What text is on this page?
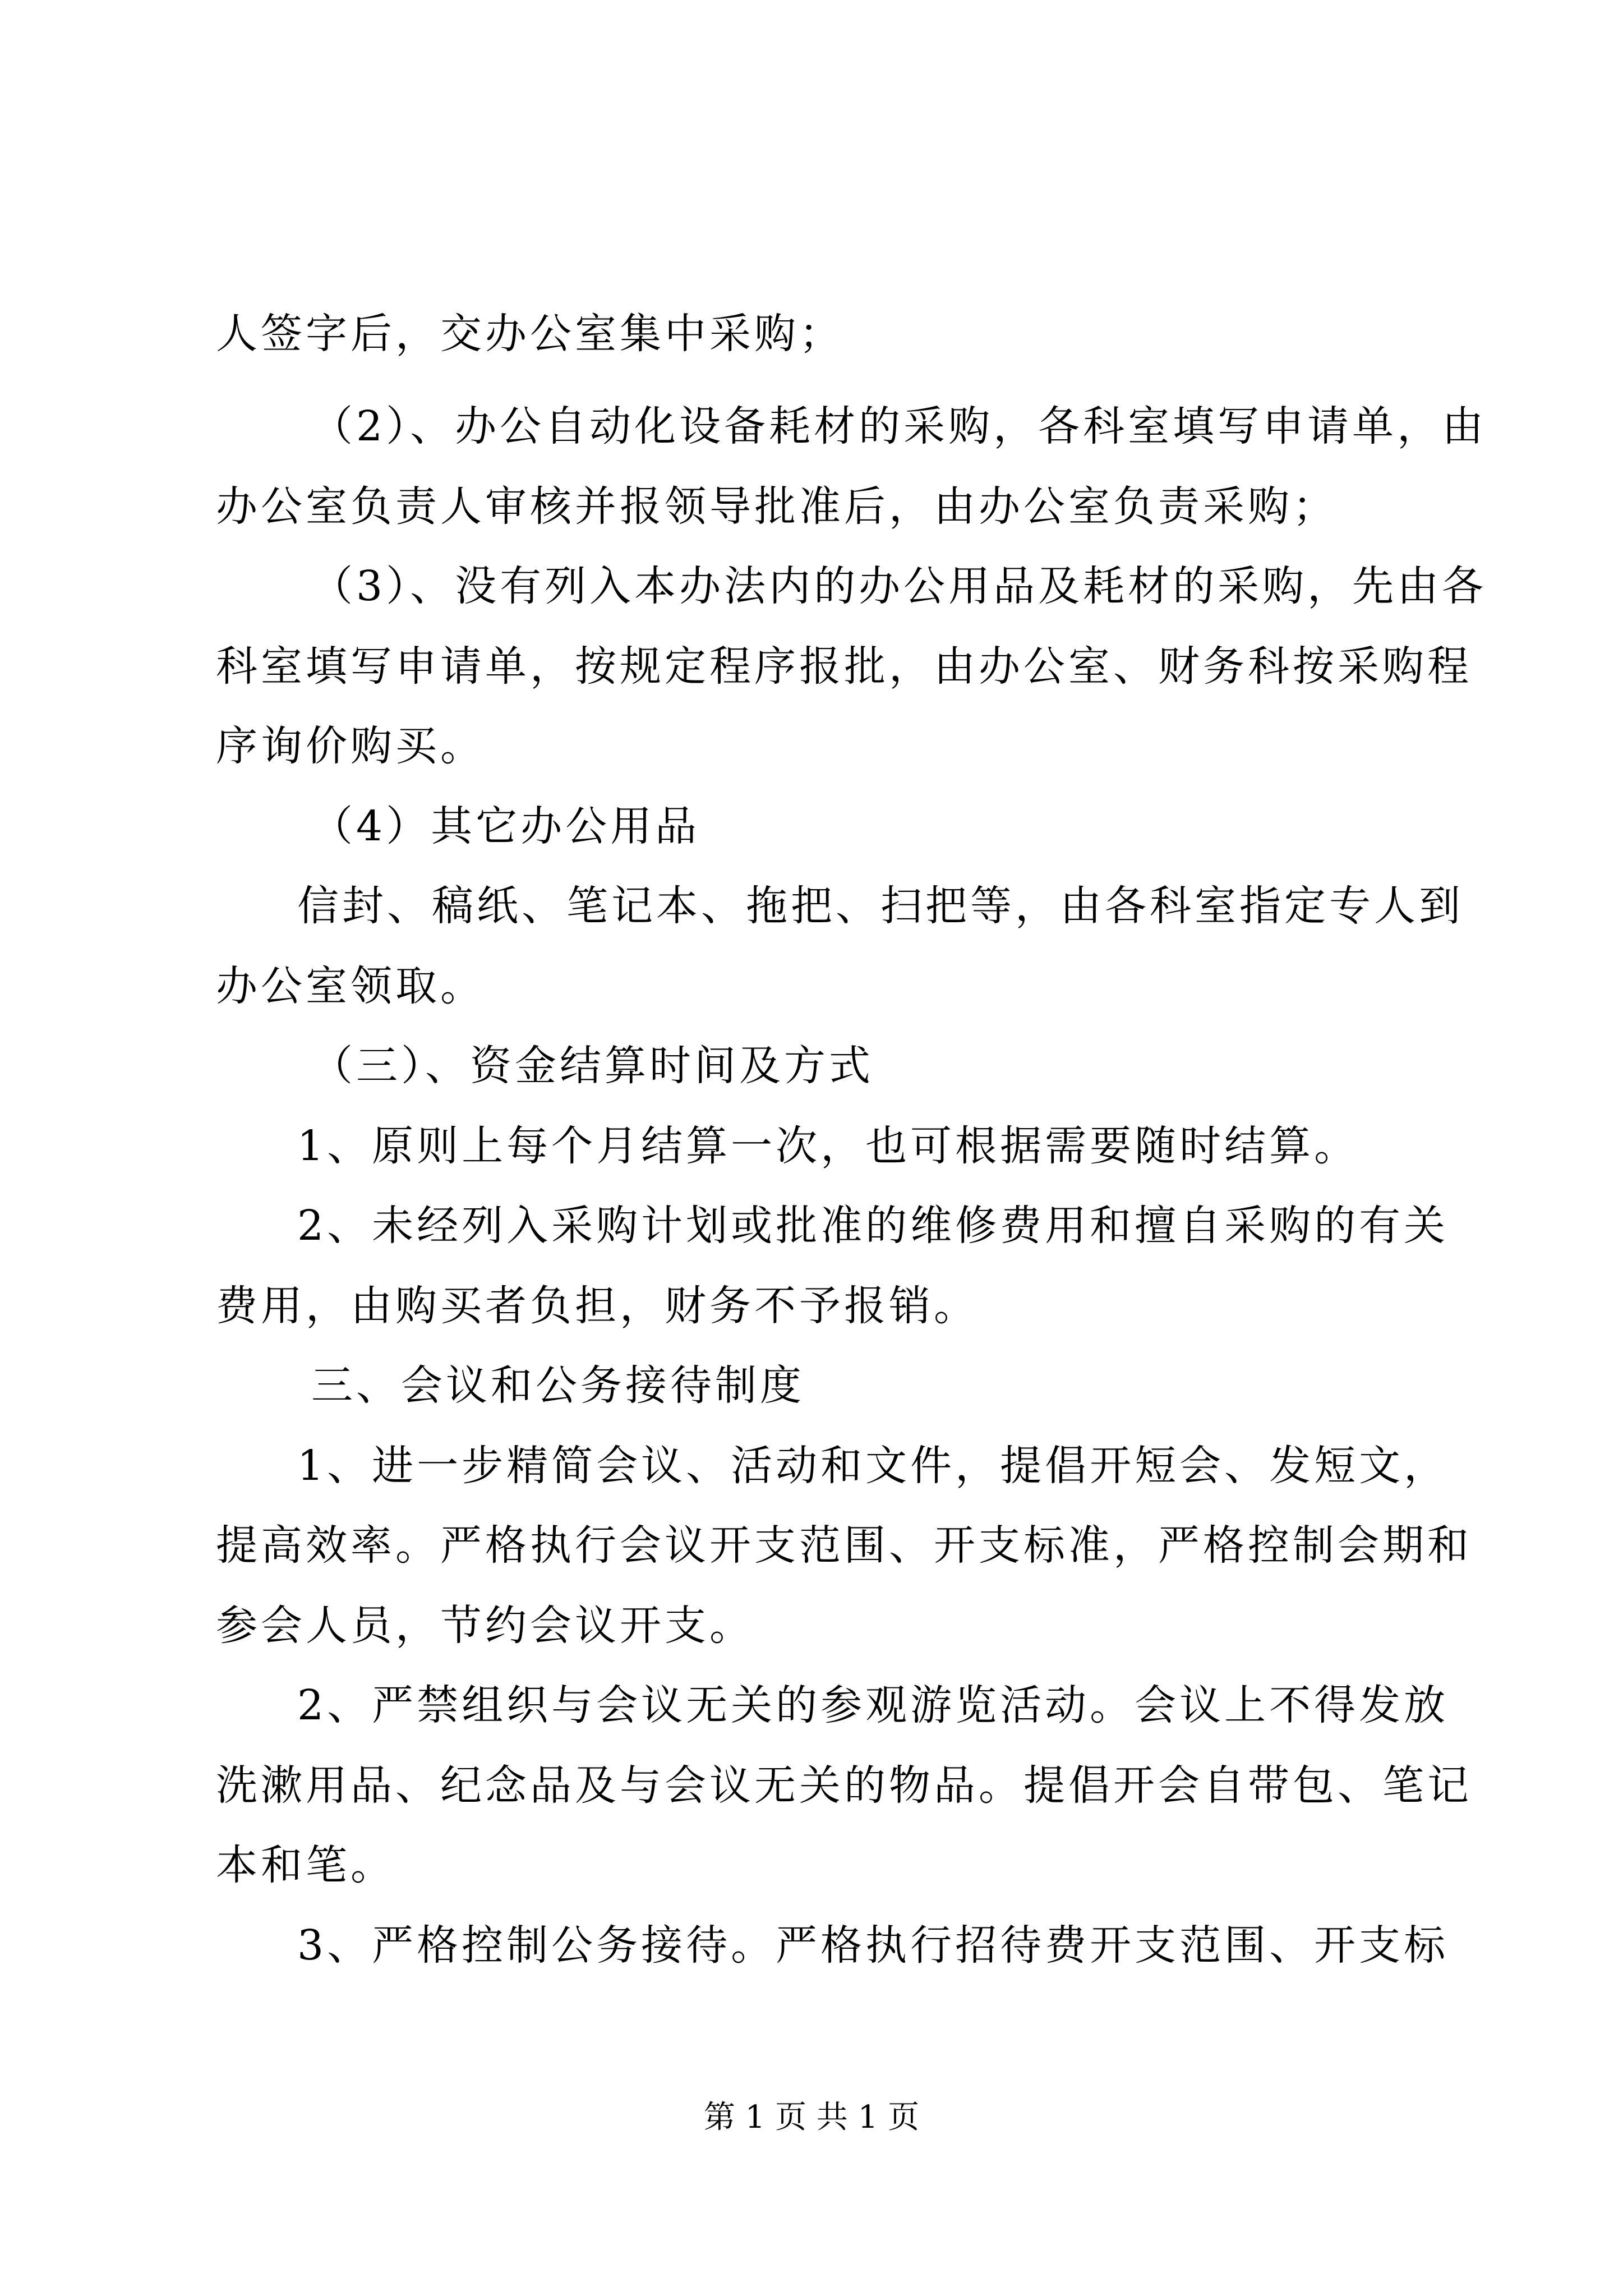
人签字后，交办公室集中采购；
（2）、办公自动化设备耗材的采购，各科室填写申请单，由
办公室负责人审核并报领导批准后，由办公室负责采购；
（3）、没有列入本办法内的办公用品及耗材的采购，先由各
科室填写申请单，按规定程序报批，由办公室、财务科按采购程
序询价购买。
（4）其它办公用品
信封、稿纸、笔记本、拖把、扫把等，由各科室指定专人到
办公室领取。
（三）、资金结算时间及方式
1、原则上每个月结算一次，也可根据需要随时结算。
2、未经列入采购计划或批准的维修费用和擅自采购的有关
费用，由购买者负担，财务不予报销。
三、会议和公务接待制度
1、进一步精简会议、活动和文件，提倡开短会、发短文，
提高效率。严格执行会议开支范围、开支标准，严格控制会期和
参会人员，节约会议开支。
2、严禁组织与会议无关的参观游览活动。会议上不得发放
洗漱用品、纪念品及与会议无关的物品。提倡开会自带包、笔记
本和笔。
3、严格控制公务接待。严格执行招待费开支范围、开支标
第 1 页 共 1 页
